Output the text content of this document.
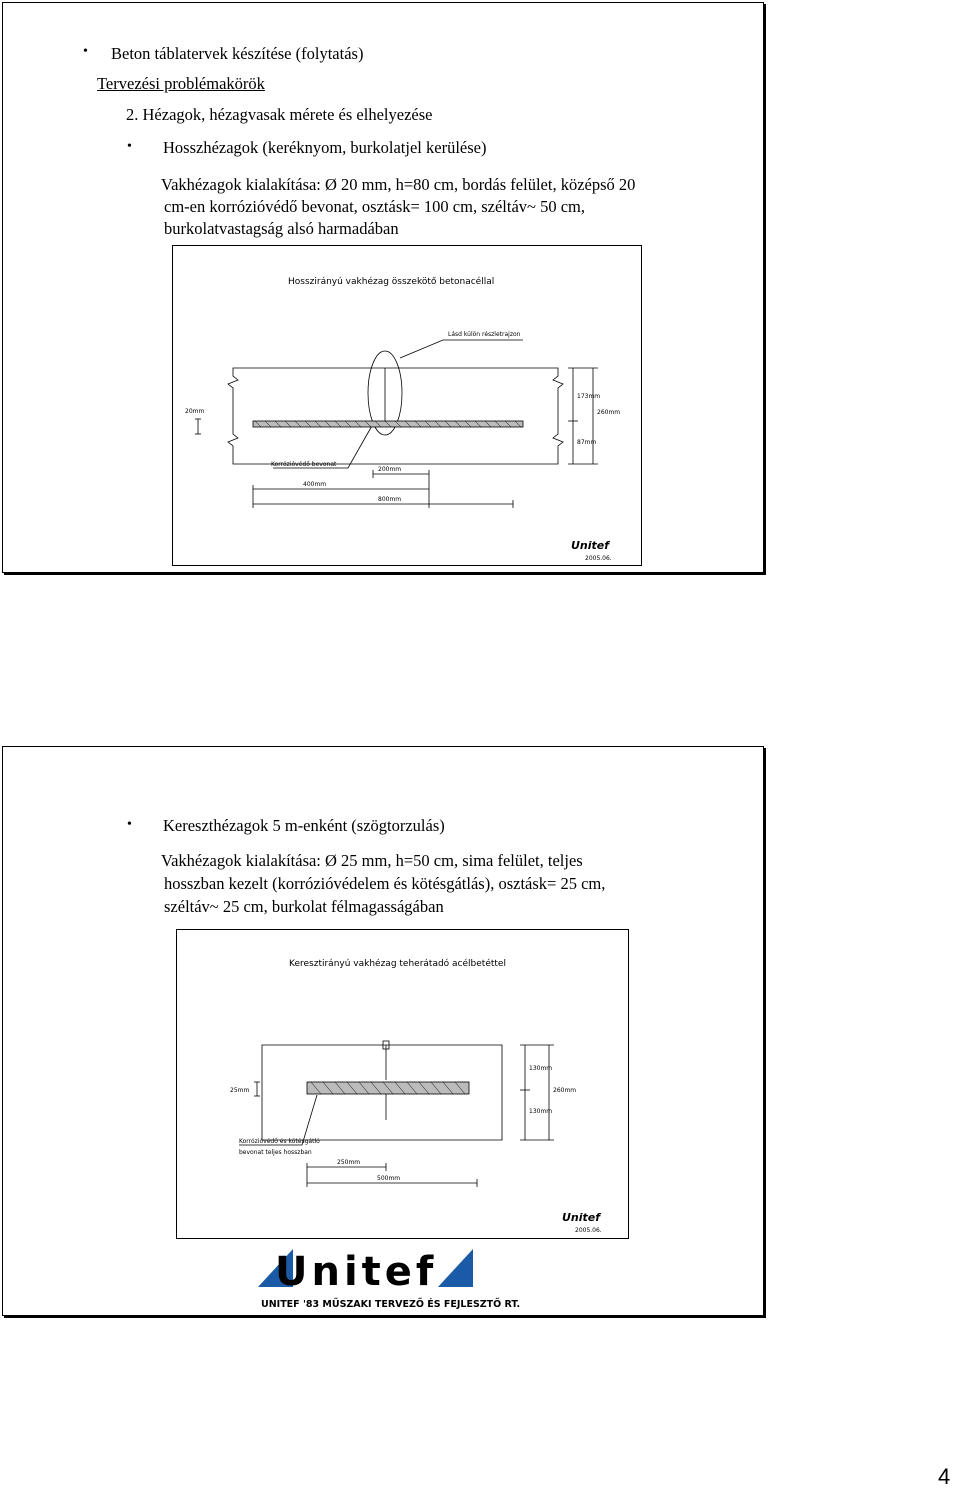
• Beton táblatervek készítése (folytatás)
Tervezési problémakörök
2. Hézagok, hézagvasak mérete és elhelyezése
• Hosszhézagok (keréknyom, burkolatjel kerülése)
Vakhézagok kialakítása: Ø 20 mm, h=80 cm, bordás felület, középső 20
cm-en korrózióvédő bevonat, osztásk= 100 cm, széltáv~ 50 cm,
burkolatvastagság alsó harmadában
Hosszirányú vakhézag összekötő betonacéllal
Lásd külön részletrajzon
20mm
173mm
260mm
87mm
Korrózióvédő bevonat
200mm
400mm
800mm
Unitef
2005.06.
• Kereszthézagok 5 m-enként (szögtorzulás)
Vakhézagok kialakítása: Ø 25 mm, h=50 cm, sima felület, teljes
hosszban kezelt (korrózióvédelem és kötésgátlás), osztásk= 25 cm,
széltáv~ 25 cm, burkolat félmagasságában
Keresztirányú vakhézag teherátadó acélbetéttel
25mm
130mm
260mm
130mm
Korrózióvédő és kötésgátló
bevonat teljes hosszban
250mm
500mm
Unitef
2005.06.
Unitef
UNITEF '83 MŰSZAKI TERVEZŐ ÉS FEJLESZTŐ RT.
4
